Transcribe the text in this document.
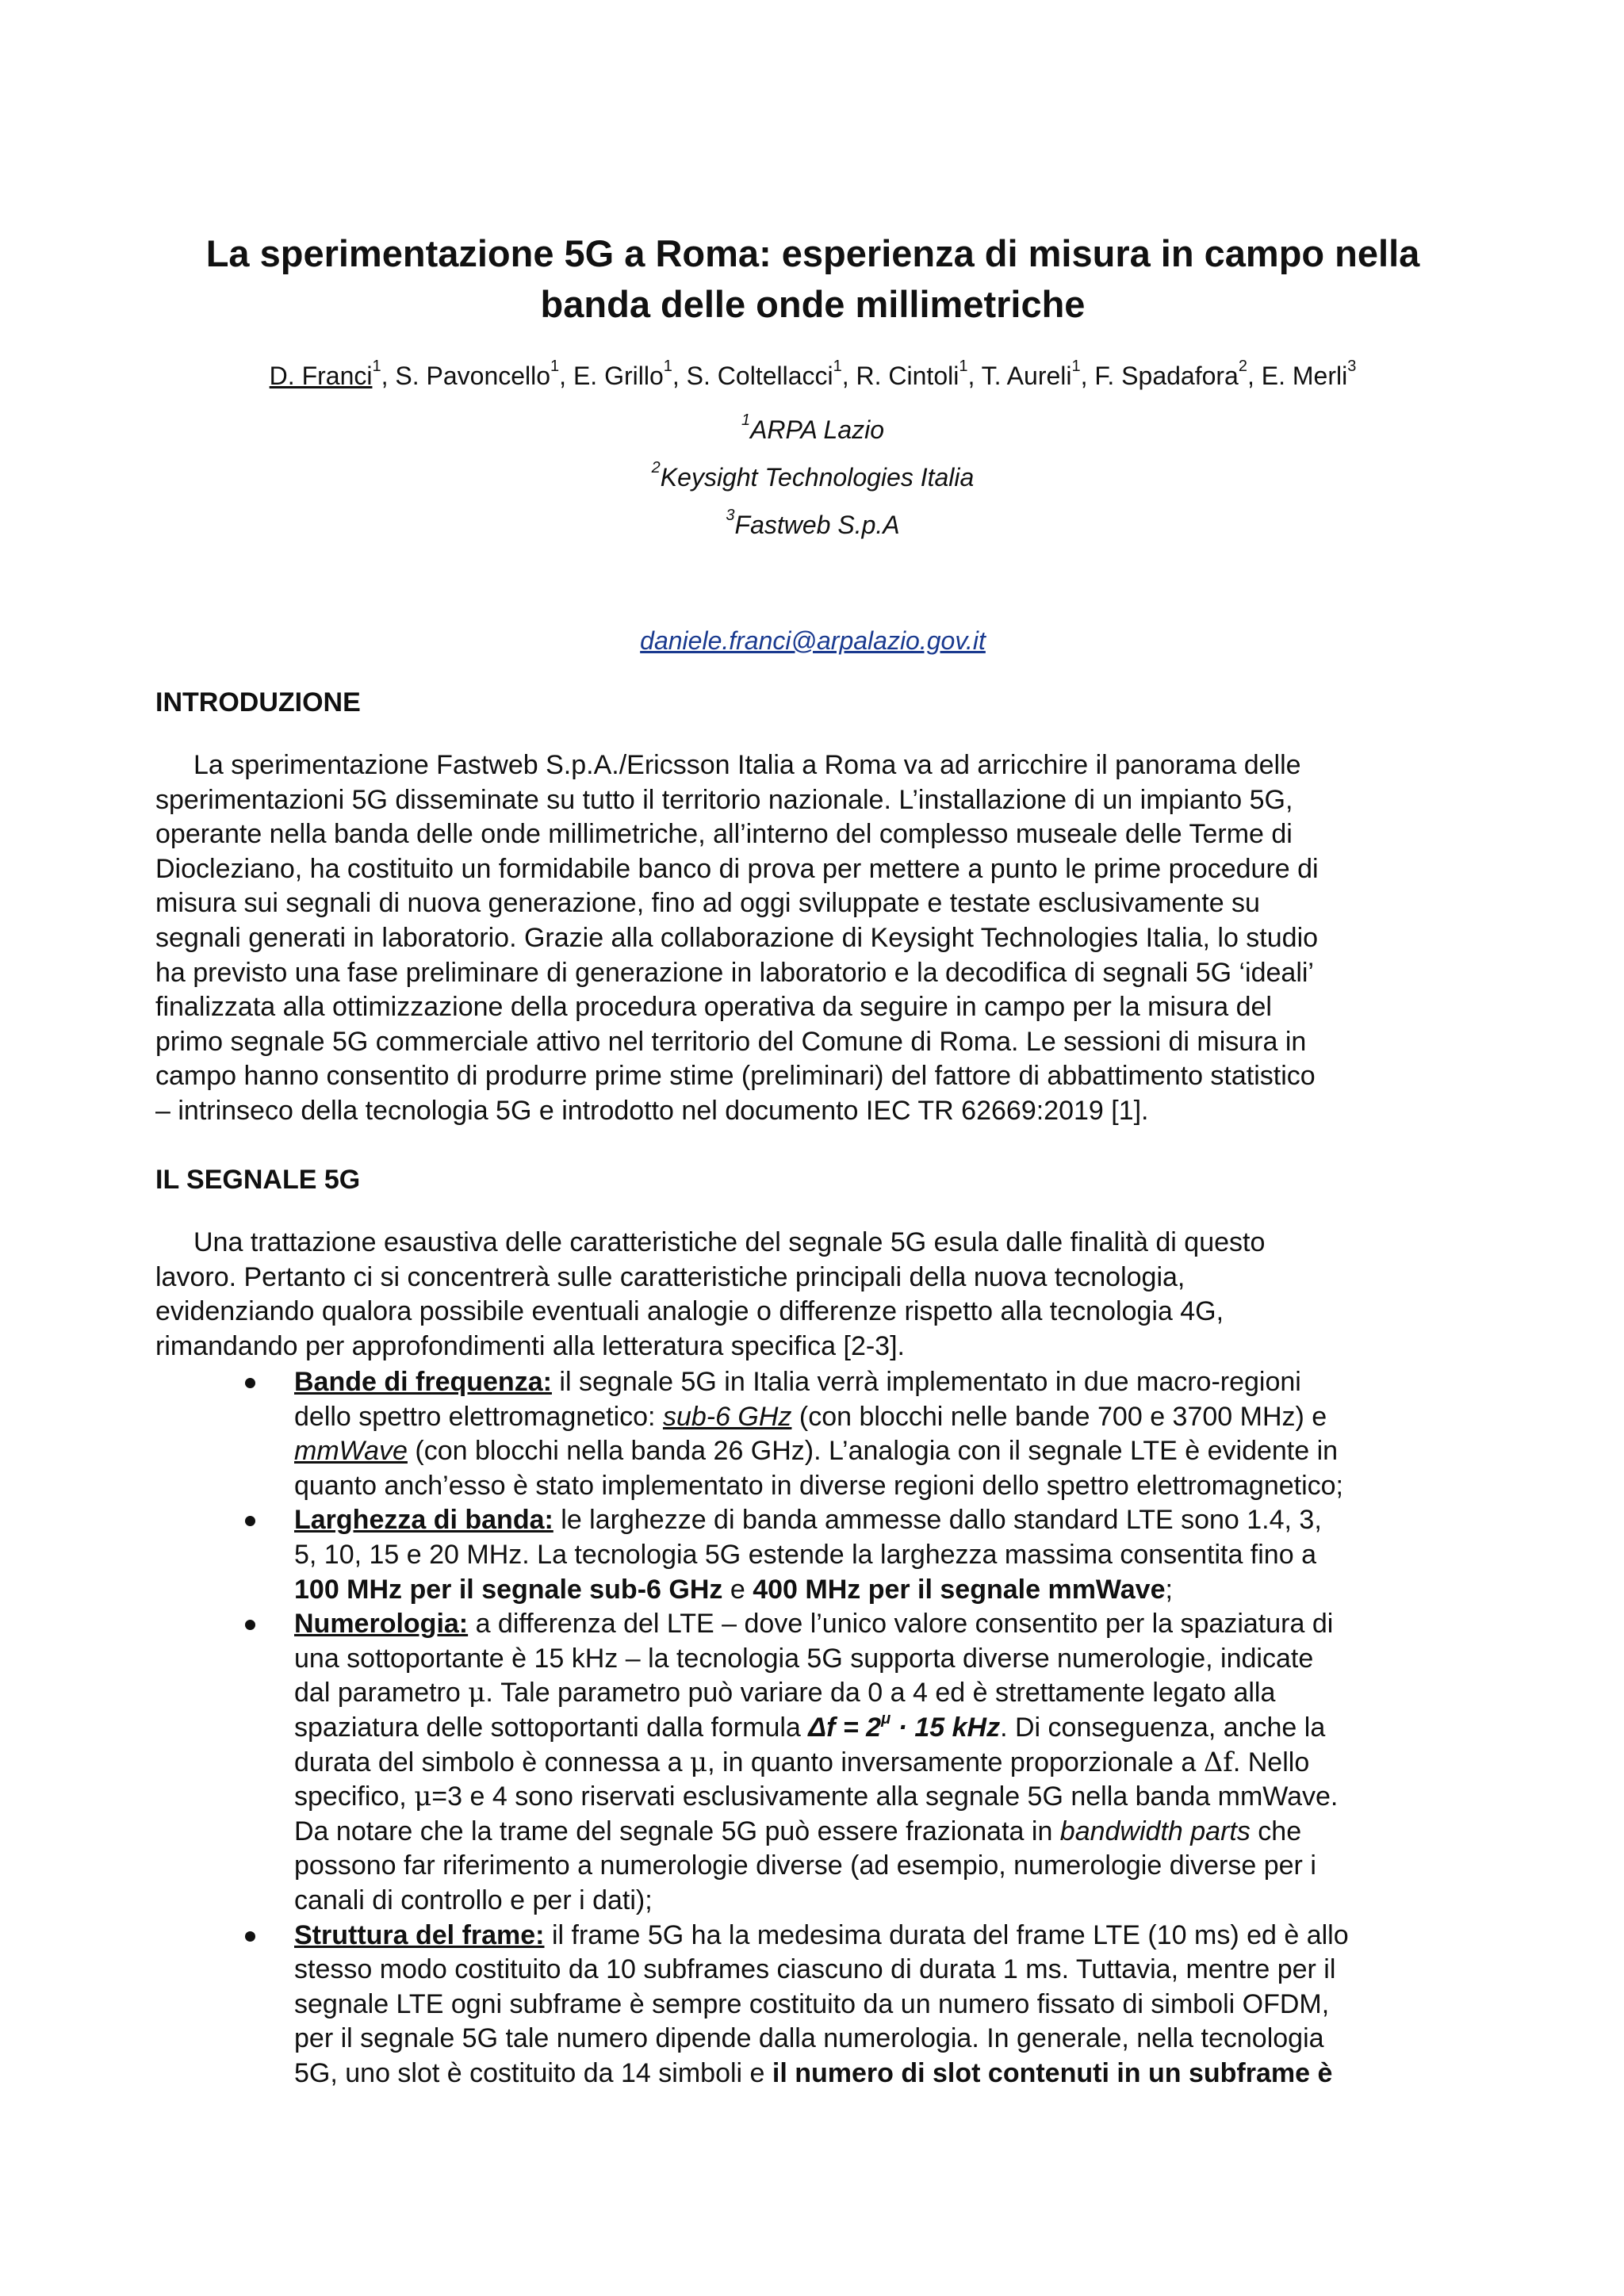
La sperimentazione 5G a Roma: esperienza di misura in campo nella
banda delle onde millimetriche
D. Franci$^1$, S. Pavoncello$^1$, E. Grillo$^1$, S. Coltellacci$^1$, R. Cintoli$^1$, T. Aureli$^1$, F. Spadafora$^2$, E. Merli$^3$
$^1$ARPA Lazio
$^2$Keysight Technologies Italia
$^3$Fastweb S.p.A
daniele.franci@arpalazio.gov.it
INTRODUZIONE
La sperimentazione Fastweb S.p.A./Ericsson Italia a Roma va ad arricchire il panorama delle
sperimentazioni 5G disseminate su tutto il territorio nazionale. L’installazione di un impianto 5G,
operante nella banda delle onde millimetriche, all’interno del complesso museale delle Terme di
Diocleziano, ha costituito un formidabile banco di prova per mettere a punto le prime procedure di
misura sui segnali di nuova generazione, fino ad oggi sviluppate e testate esclusivamente su
segnali generati in laboratorio. Grazie alla collaborazione di Keysight Technologies Italia, lo studio
ha previsto una fase preliminare di generazione in laboratorio e la decodifica di segnali 5G ‘ideali’
finalizzata alla ottimizzazione della procedura operativa da seguire in campo per la misura del
primo segnale 5G commerciale attivo nel territorio del Comune di Roma. Le sessioni di misura in
campo hanno consentito di produrre prime stime (preliminari) del fattore di abbattimento statistico
– intrinseco della tecnologia 5G e introdotto nel documento IEC TR 62669:2019 [1].
IL SEGNALE 5G
Una trattazione esaustiva delle caratteristiche del segnale 5G esula dalle finalità di questo
lavoro. Pertanto ci si concentrerà sulle caratteristiche principali della nuova tecnologia,
evidenziando qualora possibile eventuali analogie o differenze rispetto alla tecnologia 4G,
rimandando per approfondimenti alla letteratura specifica [2-3].
Bande di frequenza: il segnale 5G in Italia verrà implementato in due macro-regioni
dello spettro elettromagnetico: sub-6 GHz (con blocchi nelle bande 700 e 3700 MHz) e
mmWave (con blocchi nella banda 26 GHz). L’analogia con il segnale LTE è evidente in
quanto anch’esso è stato implementato in diverse regioni dello spettro elettromagnetico;
Larghezza di banda: le larghezze di banda ammesse dallo standard LTE sono 1.4, 3,
5, 10, 15 e 20 MHz. La tecnologia 5G estende la larghezza massima consentita fino a
100 MHz per il segnale sub-6 GHz e 400 MHz per il segnale mmWave;
Numerologia: a differenza del LTE – dove l’unico valore consentito per la spaziatura di
una sottoportante è 15 kHz – la tecnologia 5G supporta diverse numerologie, indicate
dal parametro μ. Tale parametro può variare da 0 a 4 ed è strettamente legato alla
spaziatura delle sottoportanti dalla formula $\Delta f = 2^\mu \cdot 15$ kHz. Di conseguenza, anche la
durata del simbolo è connessa a μ, in quanto inversamente proporzionale a Δf. Nello
specifico, μ=3 e 4 sono riservati esclusivamente alla segnale 5G nella banda mmWave.
Da notare che la trame del segnale 5G può essere frazionata in bandwidth parts che
possono far riferimento a numerologie diverse (ad esempio, numerologie diverse per i
canali di controllo e per i dati);
Struttura del frame: il frame 5G ha la medesima durata del frame LTE (10 ms) ed è allo
stesso modo costituito da 10 subframes ciascuno di durata 1 ms. Tuttavia, mentre per il
segnale LTE ogni subframe è sempre costituito da un numero fissato di simboli OFDM,
per il segnale 5G tale numero dipende dalla numerologia. In generale, nella tecnologia
5G, uno slot è costituito da 14 simboli e il numero di slot contenuti in un subframe è
